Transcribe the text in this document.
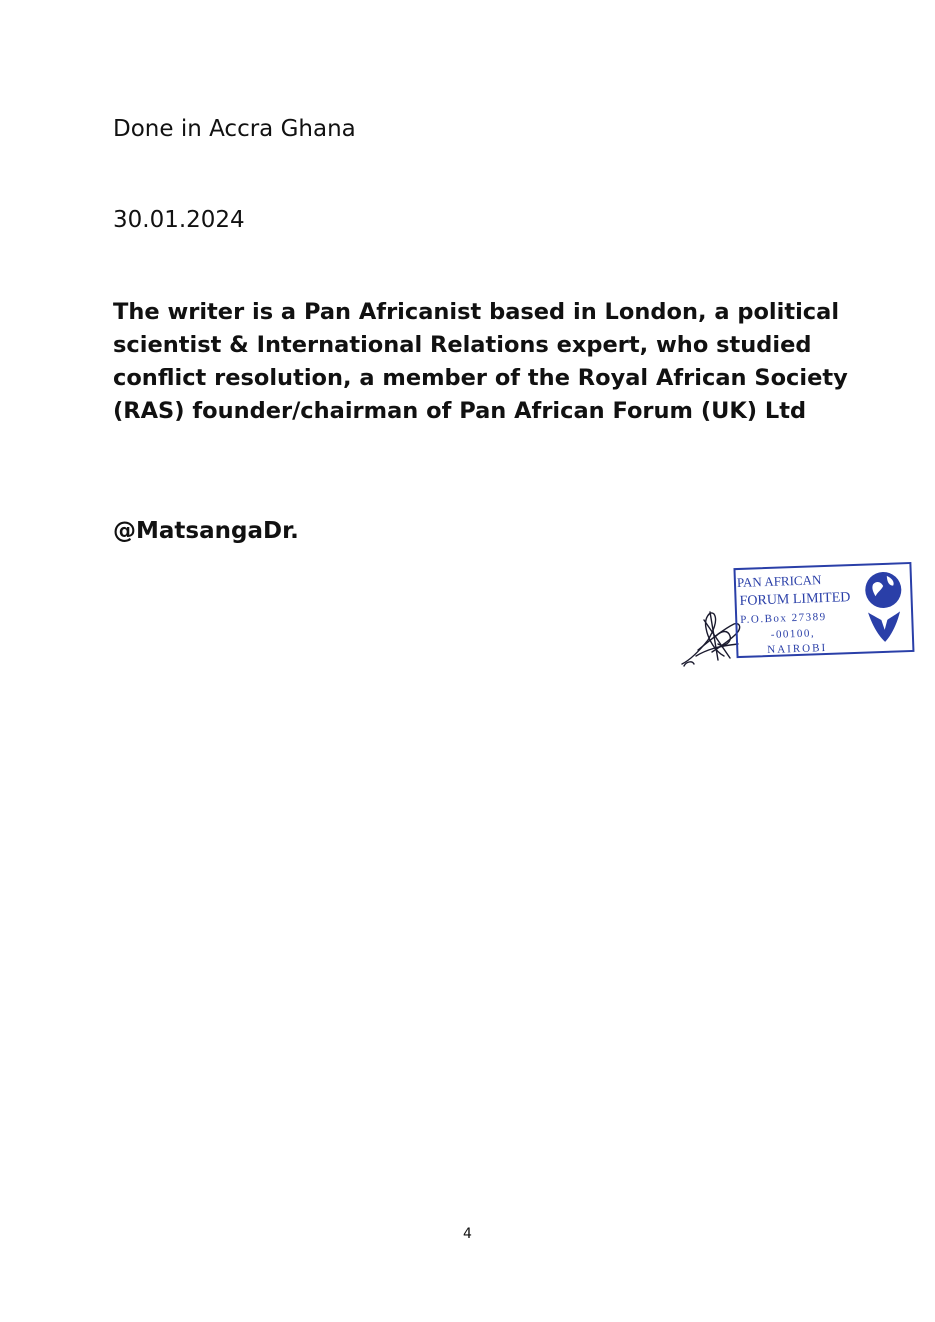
Done in Accra Ghana

30.01.2024

The writer is a Pan Africanist based in London, a political scientist & International Relations expert, who studied conflict resolution, a member of the Royal African Society (RAS) founder/chairman of Pan African Forum (UK) Ltd

@MatsangaDr.

PAN AFRICAN
FORUM LIMITED
P.O.Box 27389
-00100,
NAIROBI
4
